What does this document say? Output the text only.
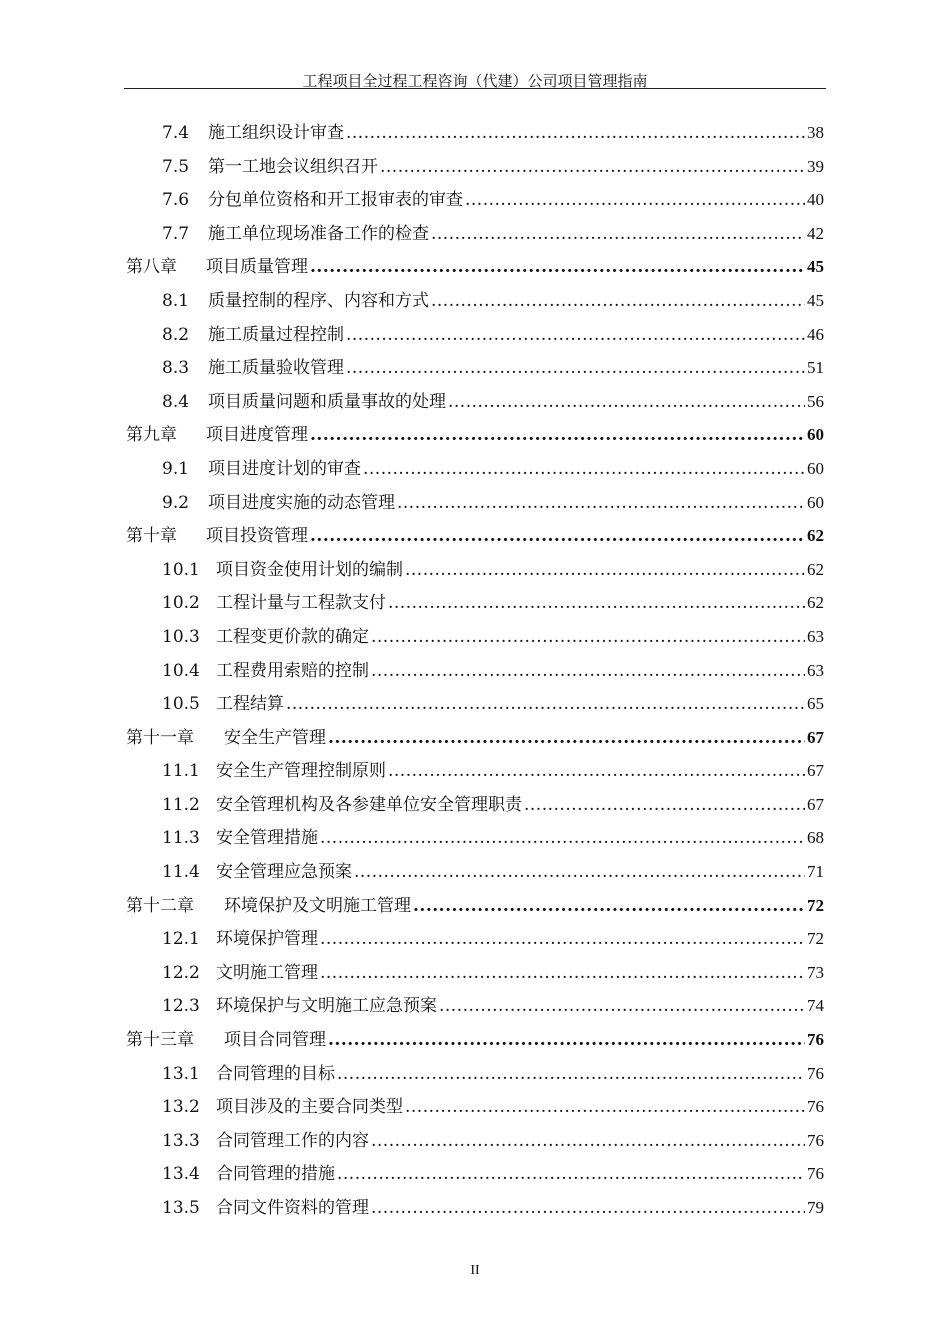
工程项目全过程工程咨询（代建）公司项目管理指南
7.4	施工组织设计审查 .....	38
7.5	第一工地会议组织召开 .....	39
7.6	分包单位资格和开工报审表的审查 .....	40
7.7	施工单位现场准备工作的检查 .....	42
第八章	项目质量管理 .....	45
8.1	质量控制的程序、内容和方式 .....	45
8.2	施工质量过程控制 .....	46
8.3	施工质量验收管理 .....	51
8.4	项目质量问题和质量事故的处理 .....	56
第九章	项目进度管理 .....	60
9.1	项目进度计划的审查 .....	60
9.2	项目进度实施的动态管理 .....	60
第十章	项目投资管理 .....	62
10.1 项目资金使用计划的编制 .....	62
10.2 工程计量与工程款支付 .....	62
10.3 工程变更价款的确定 .....	63
10.4 工程费用索赔的控制 .....	63
10.5 工程结算 .....	65
第十一章	安全生产管理 .....	67
11.1 安全生产管理控制原则 .....	67
11.2 安全管理机构及各参建单位安全管理职责 .....	67
11.3 安全管理措施 .....	68
11.4 安全管理应急预案 .....	71
第十二章	环境保护及文明施工管理 .....	72
12.1 环境保护管理 .....	72
12.2 文明施工管理 .....	73
12.3 环境保护与文明施工应急预案 .....	74
第十三章	项目合同管理 .....	76
13.1 合同管理的目标 .....	76
13.2 项目涉及的主要合同类型 .....	76
13.3 合同管理工作的内容 .....	76
13.4 合同管理的措施 .....	76
13.5 合同文件资料的管理 .....	79
II
